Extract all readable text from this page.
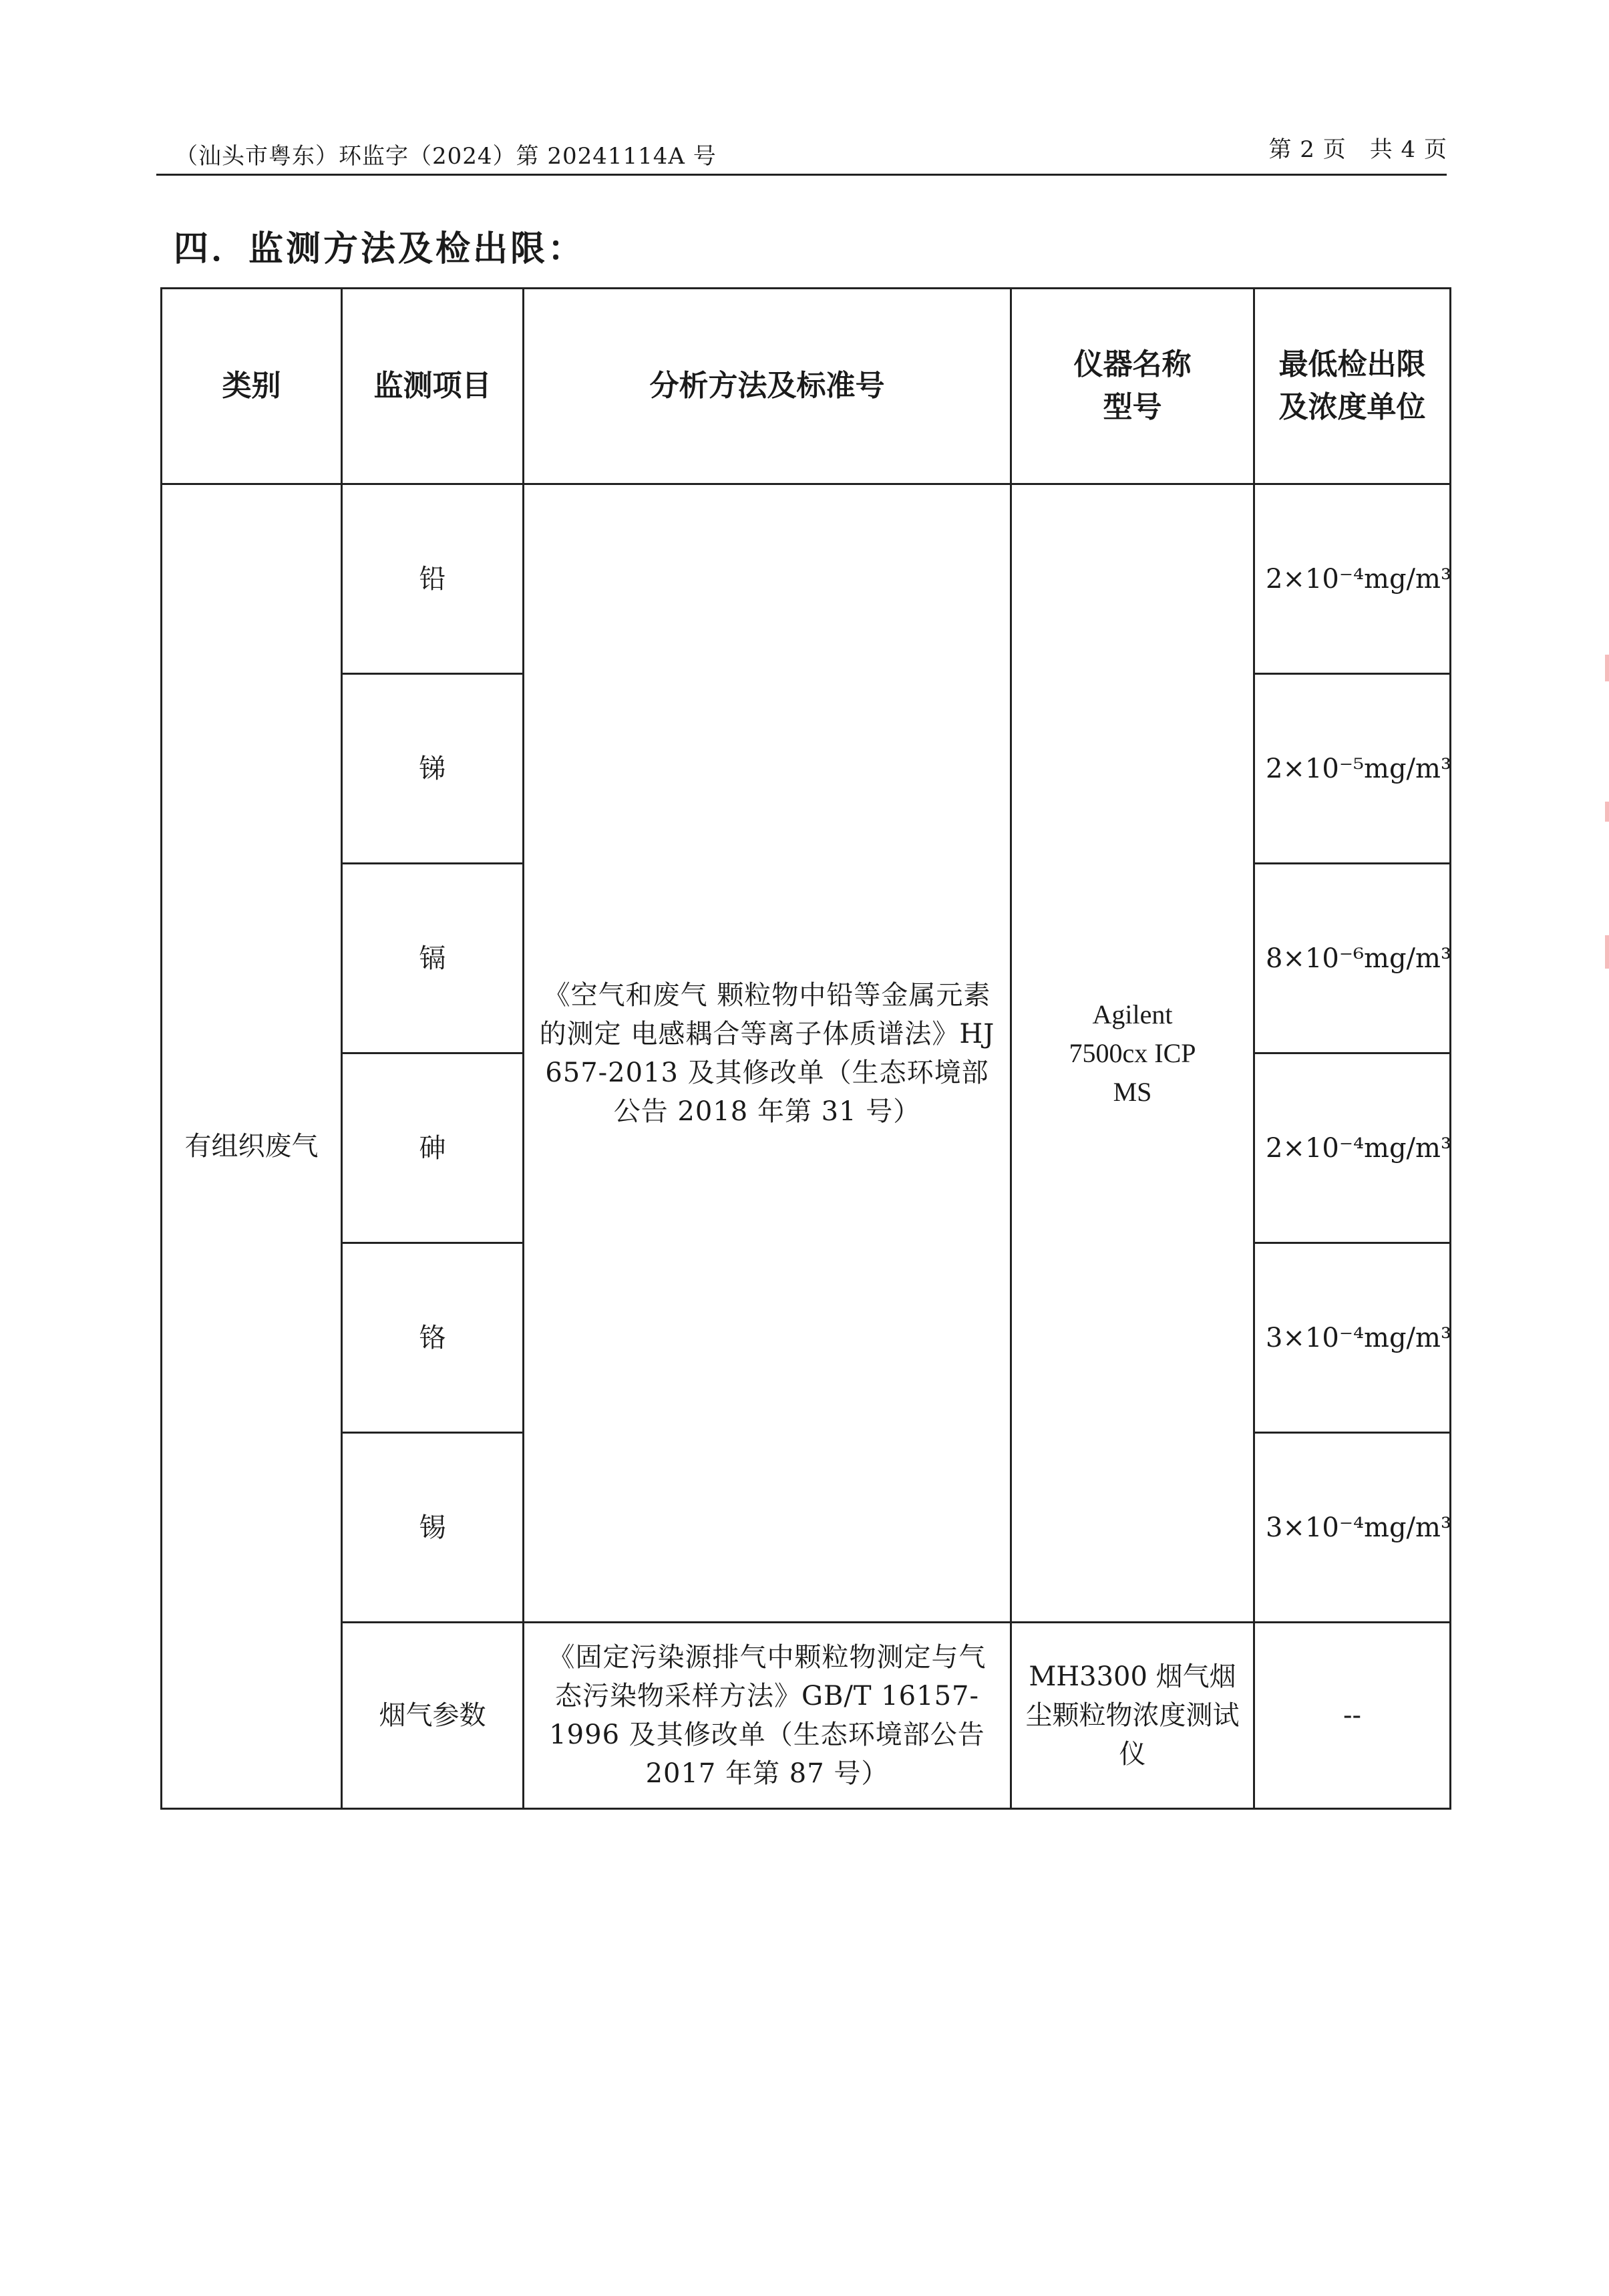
（汕头市粤东）环监字（2024）第 20241114A 号	第 2 页　共 4 页
四．监测方法及检出限：
类别	监测项目	分析方法及标准号	仪器名称型号	最低检出限及浓度单位
有组织废气	铅	《空气和废气 颗粒物中铅等金属元素的测定 电感耦合等离子体质谱法》HJ 657-2013 及其修改单（生态环境部公告 2018 年第 31 号）	Agilent 7500cx ICP MS	2×10⁻⁴mg/m³
	锑			2×10⁻⁵mg/m³
	镉			8×10⁻⁶mg/m³
	砷			2×10⁻⁴mg/m³
	铬			3×10⁻⁴mg/m³
	锡			3×10⁻⁴mg/m³
	烟气参数	《固定污染源排气中颗粒物测定与气态污染物采样方法》GB/T 16157-1996 及其修改单（生态环境部公告 2017 年第 87 号）	MH3300 烟气烟尘颗粒物浓度测试仪	--
